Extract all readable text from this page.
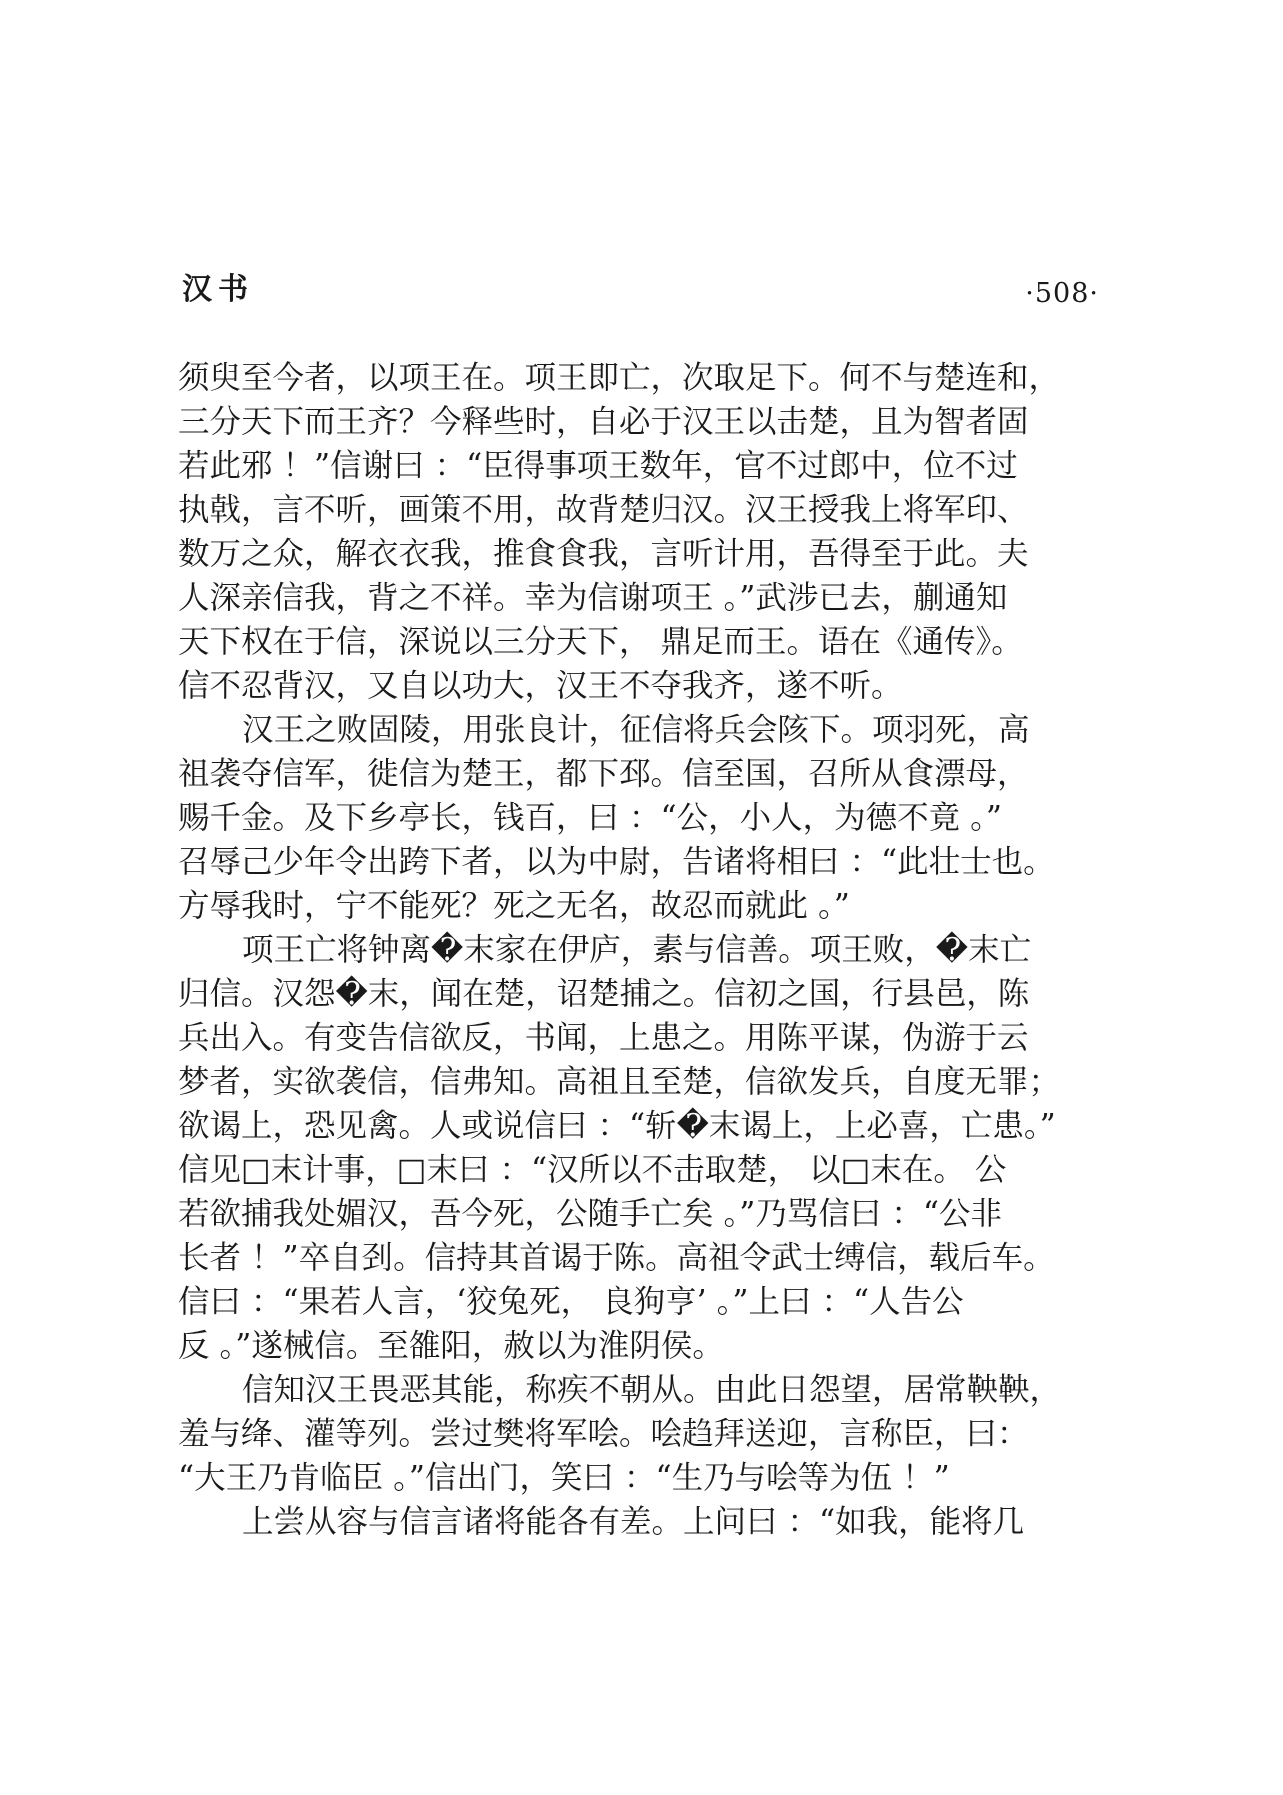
汉书	·508·
须臾至今者，以项王在。项王即亡，次取足下。何不与楚连和，
三分天下而王齐？今释些时，自必于汉王以击楚，且为智者固
若此邪 ！”信谢曰 ：“臣得事项王数年，官不过郎中，位不过
执戟，言不听，画策不用，故背楚归汉。汉王授我上将军印、
数万之众，解衣衣我，推食食我，言听计用，吾得至于此。夫
人深亲信我，背之不祥。幸为信谢项王 。”武涉已去，蒯通知
天下权在于信，深说以三分天下， 鼎足而王。语在《通传》。
信不忍背汉，又自以功大，汉王不夺我齐，遂不听。
汉王之败固陵，用张良计，征信将兵会陔下。项羽死，高
祖袭夺信军，徙信为楚王，都下邳。信至国，召所从食漂母，
赐千金。及下乡亭长，钱百，曰 ：“公，小人，为德不竟 。”
召辱己少年令出跨下者，以为中尉，告诸将相曰 ：“此壮士也。
方辱我时，宁不能死？死之无名，故忍而就此 。”
项王亡将钟离�末家在伊庐，素与信善。项王败，�末亡
归信。汉怨�末，闻在楚，诏楚捕之。信初之国，行县邑，陈
兵出入。有变告信欲反，书闻，上患之。用陈平谋，伪游于云
梦者，实欲袭信，信弗知。高祖且至楚，信欲发兵，自度无罪；
欲谒上，恐见禽。人或说信曰 ：“斩�末谒上，上必喜，亡患。”
信见□末计事，□末曰 ：“汉所以不击取楚， 以□末在。 公
若欲捕我处媚汉，吾今死，公随手亡矣 。”乃骂信曰 ：“公非
长者 ！”卒自刭。信持其首谒于陈。高祖令武士缚信，载后车。
信曰 ：“果若人言，‘狡兔死， 良狗亨’ 。”上曰 ：“人告公
反 。”遂械信。至雒阳，赦以为淮阴侯。
信知汉王畏恶其能，称疾不朝从。由此日怨望，居常鞅鞅，
羞与绛、灌等列。尝过樊将军哙。哙趋拜送迎，言称臣，曰：
“大王乃肯临臣 。”信出门，笑曰 ：“生乃与哙等为伍 ！”
上尝从容与信言诸将能各有差。上问曰 ：“如我，能将几
